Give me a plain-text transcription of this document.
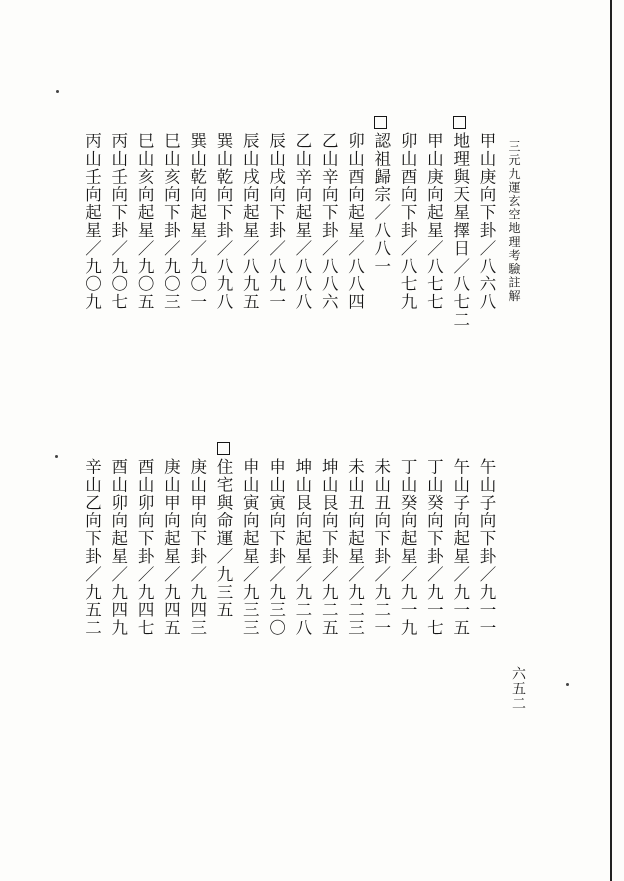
三元九運玄空地理考驗註解
六五二
甲山庚向下卦／八六八
地理與天星擇日／八七二
甲山庚向起星／八七七
卯山酉向下卦／八七九
認祖歸宗／八八一
卯山酉向起星／八八四
乙山辛向下卦／八八六
乙山辛向起星／八八八
辰山戌向下卦／八九一
辰山戌向起星／八九五
巽山乾向下卦／八九八
巽山乾向起星／九〇一
巳山亥向下卦／九〇三
巳山亥向起星／九〇五
丙山壬向下卦／九〇七
丙山壬向起星／九〇九
午山子向下卦／九一一
午山子向起星／九一五
丁山癸向下卦／九一七
丁山癸向起星／九一九
未山丑向下卦／九二一
未山丑向起星／九二三
坤山艮向下卦／九二五
坤山艮向起星／九二八
申山寅向下卦／九三〇
申山寅向起星／九三三
住宅與命運／九三五
庚山甲向下卦／九四三
庚山甲向起星／九四五
酉山卯向下卦／九四七
酉山卯向起星／九四九
辛山乙向下卦／九五二
